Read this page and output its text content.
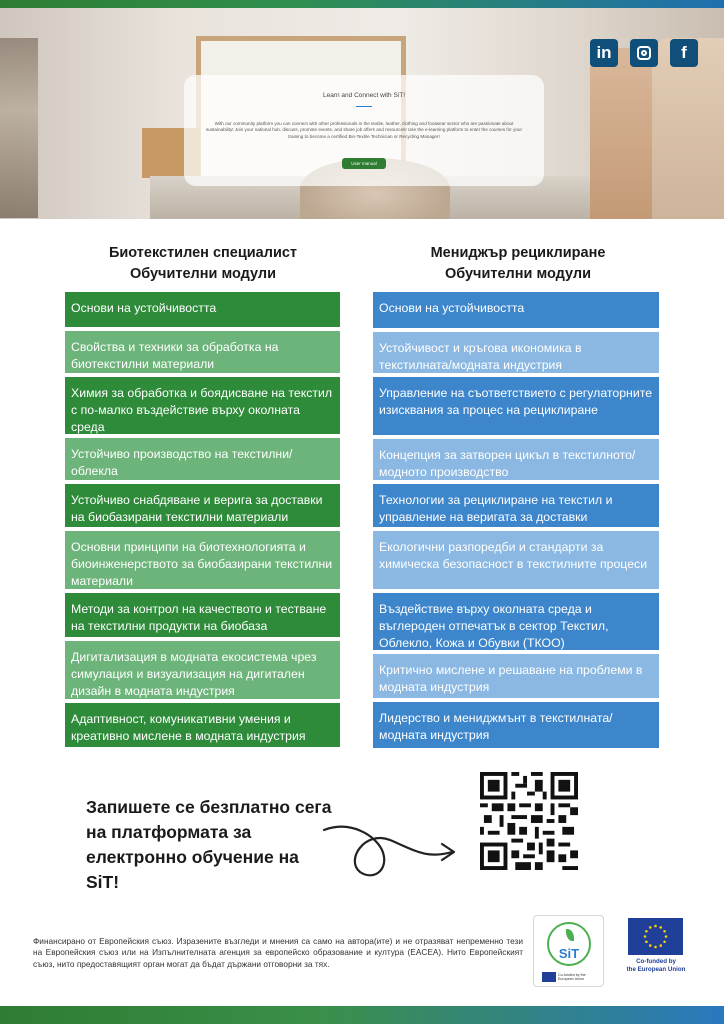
Learn and Connect with SiT!
With our community platform you can connect with other professionals in the textile, leather, clothing and footwear sector who are passionate about sustainability! Join your national hub, discuss, promote events, and share job offers and resources! Use the e-learning platform to enter the courses for your training to become a certified Bio-Textile Technician or Recycling Manager!
User manual
in	f
Биотекстилен специалист
Обучителни модули
Мениджър рециклиране
Обучителни модули
Основи на устойчивостта
Свойства и техники за обработка на биотекстилни материали
Химия за обработка и боядисване на текстил с по-малко въздействие върху околната среда
Устойчиво производство на текстилни/облекла
Устойчиво снабдяване и верига за доставки на биобазирани текстилни материали
Основни принципи на биотехнологията и биоинженерството за биобазирани текстилни материали
Методи за контрол на качеството и тестване на текстилни продукти на биобаза
Дигитализация в модната екосистема чрез симулация и визуализация на дигитален дизайн в модната индустрия
Адаптивност, комуникативни умения и креативно мислене в модната индустрия
Основи на устойчивостта
Устойчивост и кръгова икономика в текстилната/модната индустрия
Управление на съответствието с регулаторните изисквания за процес на рециклиране
Концепция за затворен цикъл в текстилното/модното производство
Технологии за рециклиране на текстил и управление на веригата за доставки
Екологични разпоредби и стандарти за химическа безопасност в текстилните процеси
Въздействие върху околната среда и въглероден отпечатък в сектор Текстил, Облекло, Кожа и Обувки (ТКОО)
Критично мислене и решаване на проблеми в модната индустрия
Лидерство и мениджмънт в текстилната/модната индустрия
Запишете се безплатно сега на платформата за електронно обучение на SiT!
Финансирано от Европейския съюз. Изразените възгледи и мнения са само на автора(ите) и не отразяват непременно тези на Европейския съюз или на Изпълнителната агенция за европейско образование и култура (EACEA). Нито Европейският съюз, нито предоставящият орган могат да бъдат държани отговорни за тях.
SiT
Co-funded by the European Union
Co-funded by
the European Union
